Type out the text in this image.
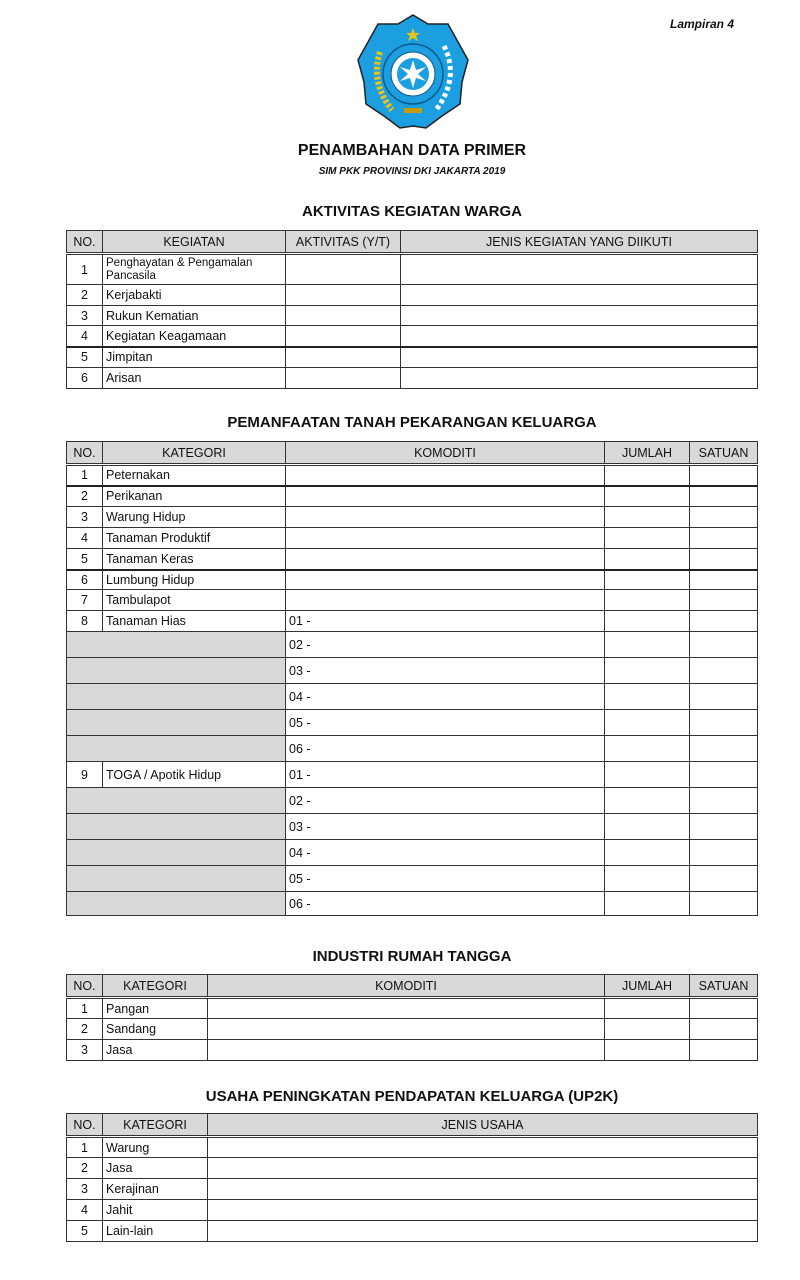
Lampiran 4
PENAMBAHAN DATA PRIMER
SIM PKK PROVINSI DKI JAKARTA 2019
AKTIVITAS KEGIATAN WARGA
NO.	KEGIATAN	AKTIVITAS (Y/T)	JENIS KEGIATAN YANG DIIKUTI
1	Penghayatan & Pengamalan Pancasila		
2	Kerjabakti		
3	Rukun Kematian		
4	Kegiatan Keagamaan		
5	Jimpitan		
6	Arisan		
PEMANFAATAN TANAH PEKARANGAN KELUARGA
NO.	KATEGORI	KOMODITI	JUMLAH	SATUAN
1	Peternakan			
2	Perikanan			
3	Warung Hidup			
4	Tanaman Produktif			
5	Tanaman Keras			
6	Lumbung Hidup			
7	Tambulapot			
8	Tanaman Hias	01 -		
		02 -		
		03 -		
		04 -		
		05 -		
		06 -		
9	TOGA / Apotik Hidup	01 -		
		02 -		
		03 -		
		04 -		
		05 -		
		06 -		
INDUSTRI RUMAH TANGGA
NO.	KATEGORI	KOMODITI	JUMLAH	SATUAN
1	Pangan			
2	Sandang			
3	Jasa			
USAHA PENINGKATAN PENDAPATAN KELUARGA (UP2K)
NO.	KATEGORI	JENIS USAHA
1	Warung	
2	Jasa	
3	Kerajinan	
4	Jahit	
5	Lain-lain	
